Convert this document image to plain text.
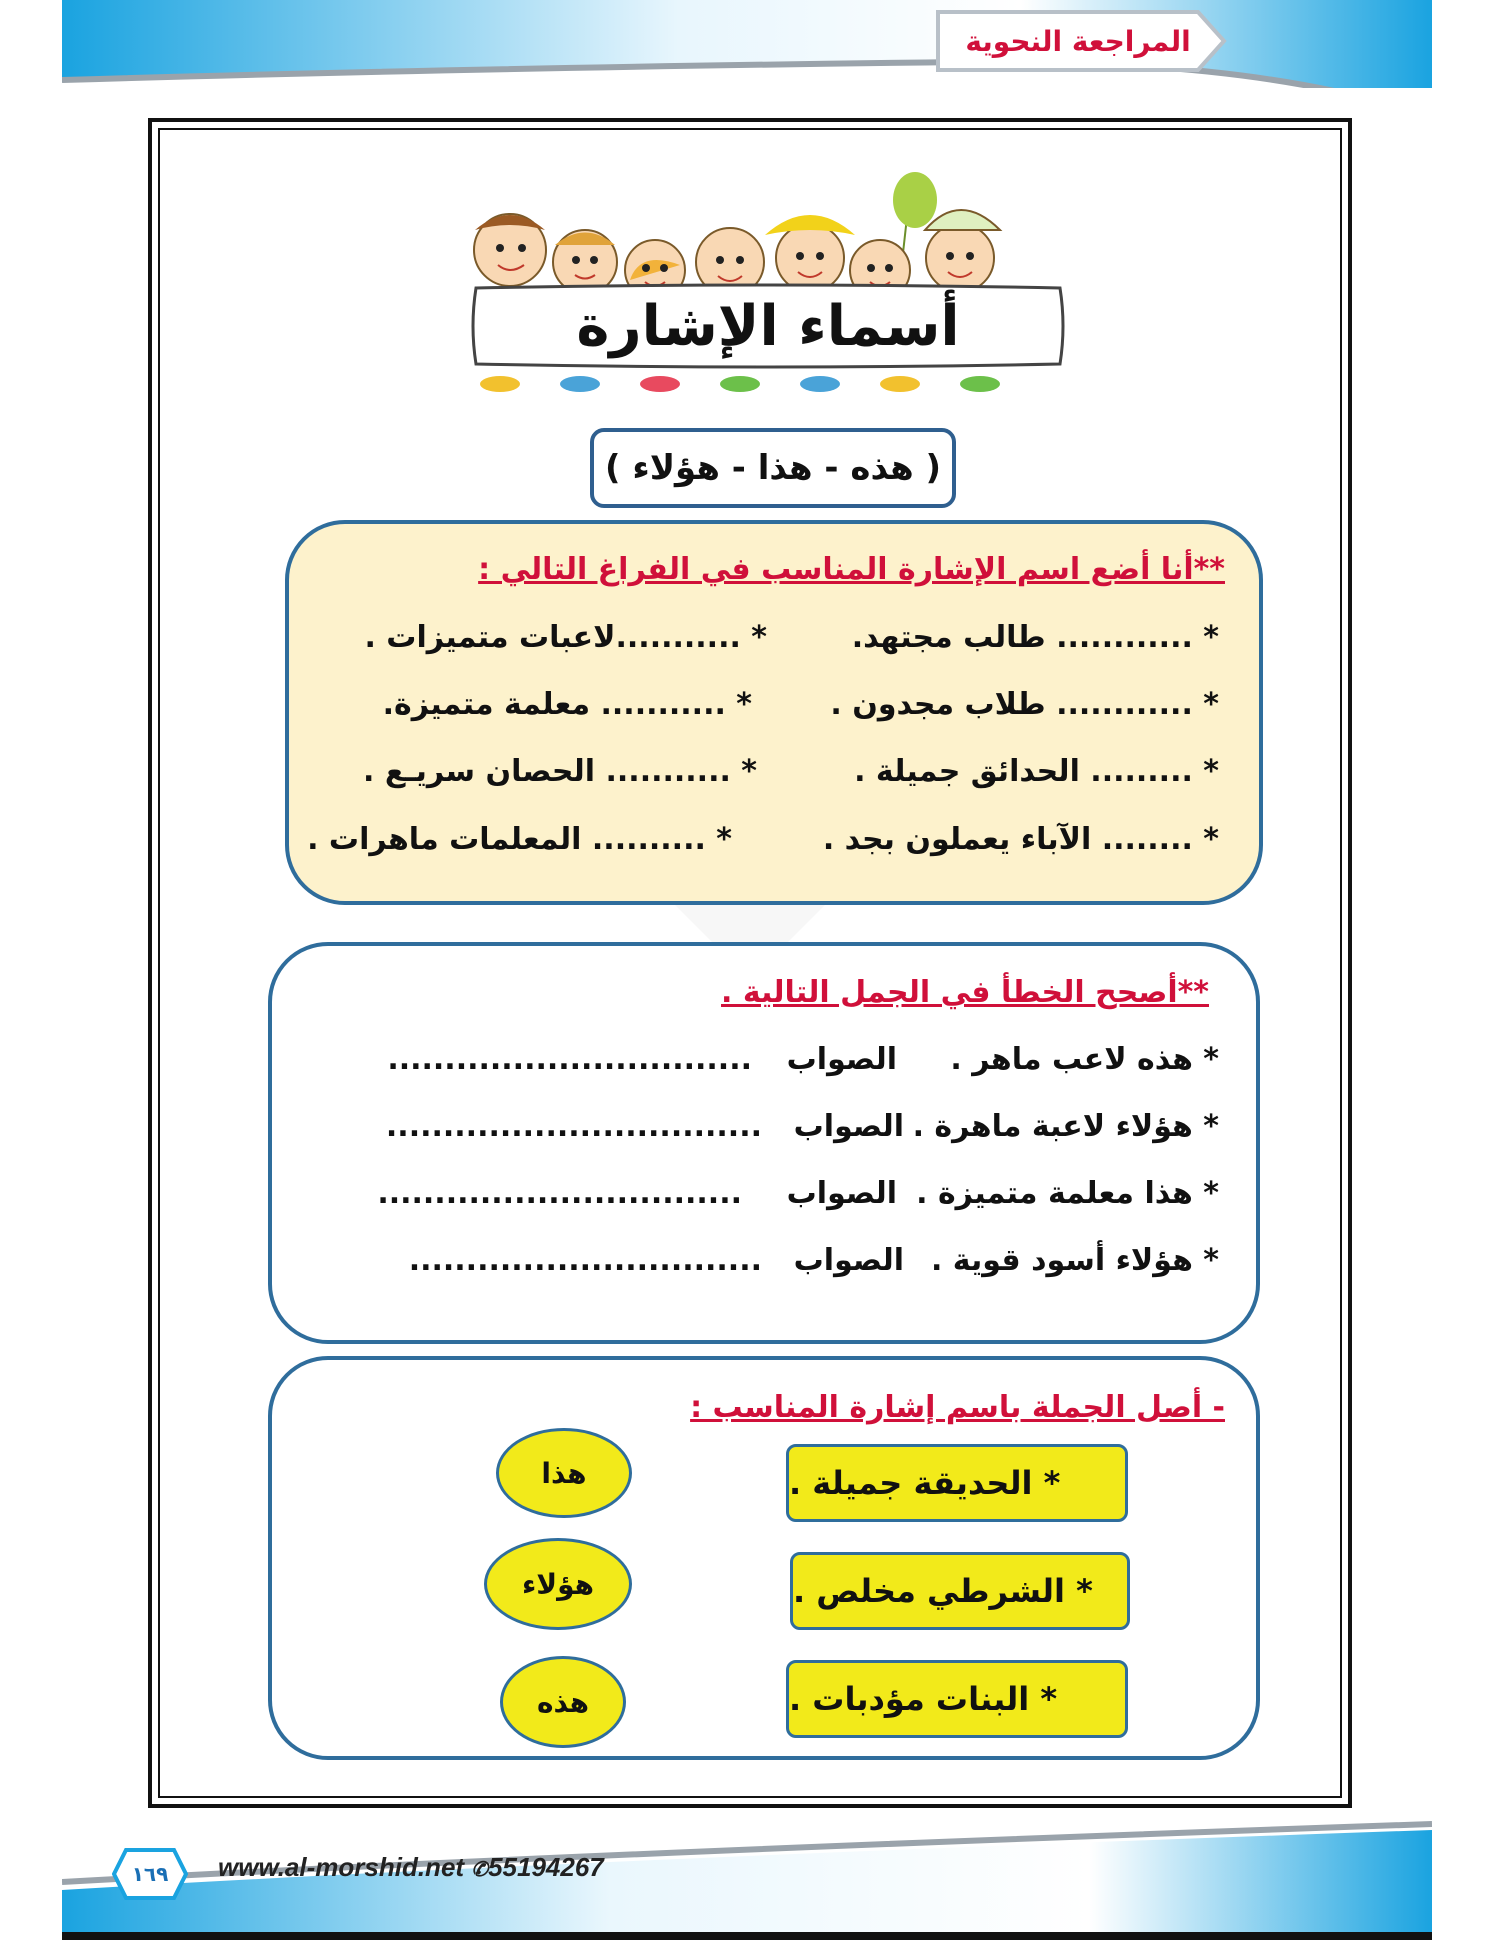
المراجعة النحوية
أسماء الإشارة
( هذه - هذا - هؤلاء )
**أنا أضع اسم الإشارة المناسب في الفراغ التالي :
* ............ طالب مجتهد.
* ...........لاعبات متميزات .
* ............ طلاب مجدون .
* ........... معلمة متميزة.
* ......... الحدائق جميلة .
* ........... الحصان سريـع .
* ........ الآباء يعملون بجد .
* .......... المعلمات ماهرات .
**أصحح الخطأ في الجمل التالية .
* هذه لاعب ماهر .
الصواب
................................
* هؤلاء لاعبة ماهرة .
الصواب
.................................
* هذا معلمة متميزة .
الصواب
................................
* هؤلاء أسود قوية .
الصواب
...............................
- أصل الجملة باسم إشارة المناسب :
* الحديقة جميلة .
* الشرطي مخلص .
* البنات مؤدبات .
هذا
هؤلاء
هذه
١٦٩	www.al-morshid.net ✆55194267
